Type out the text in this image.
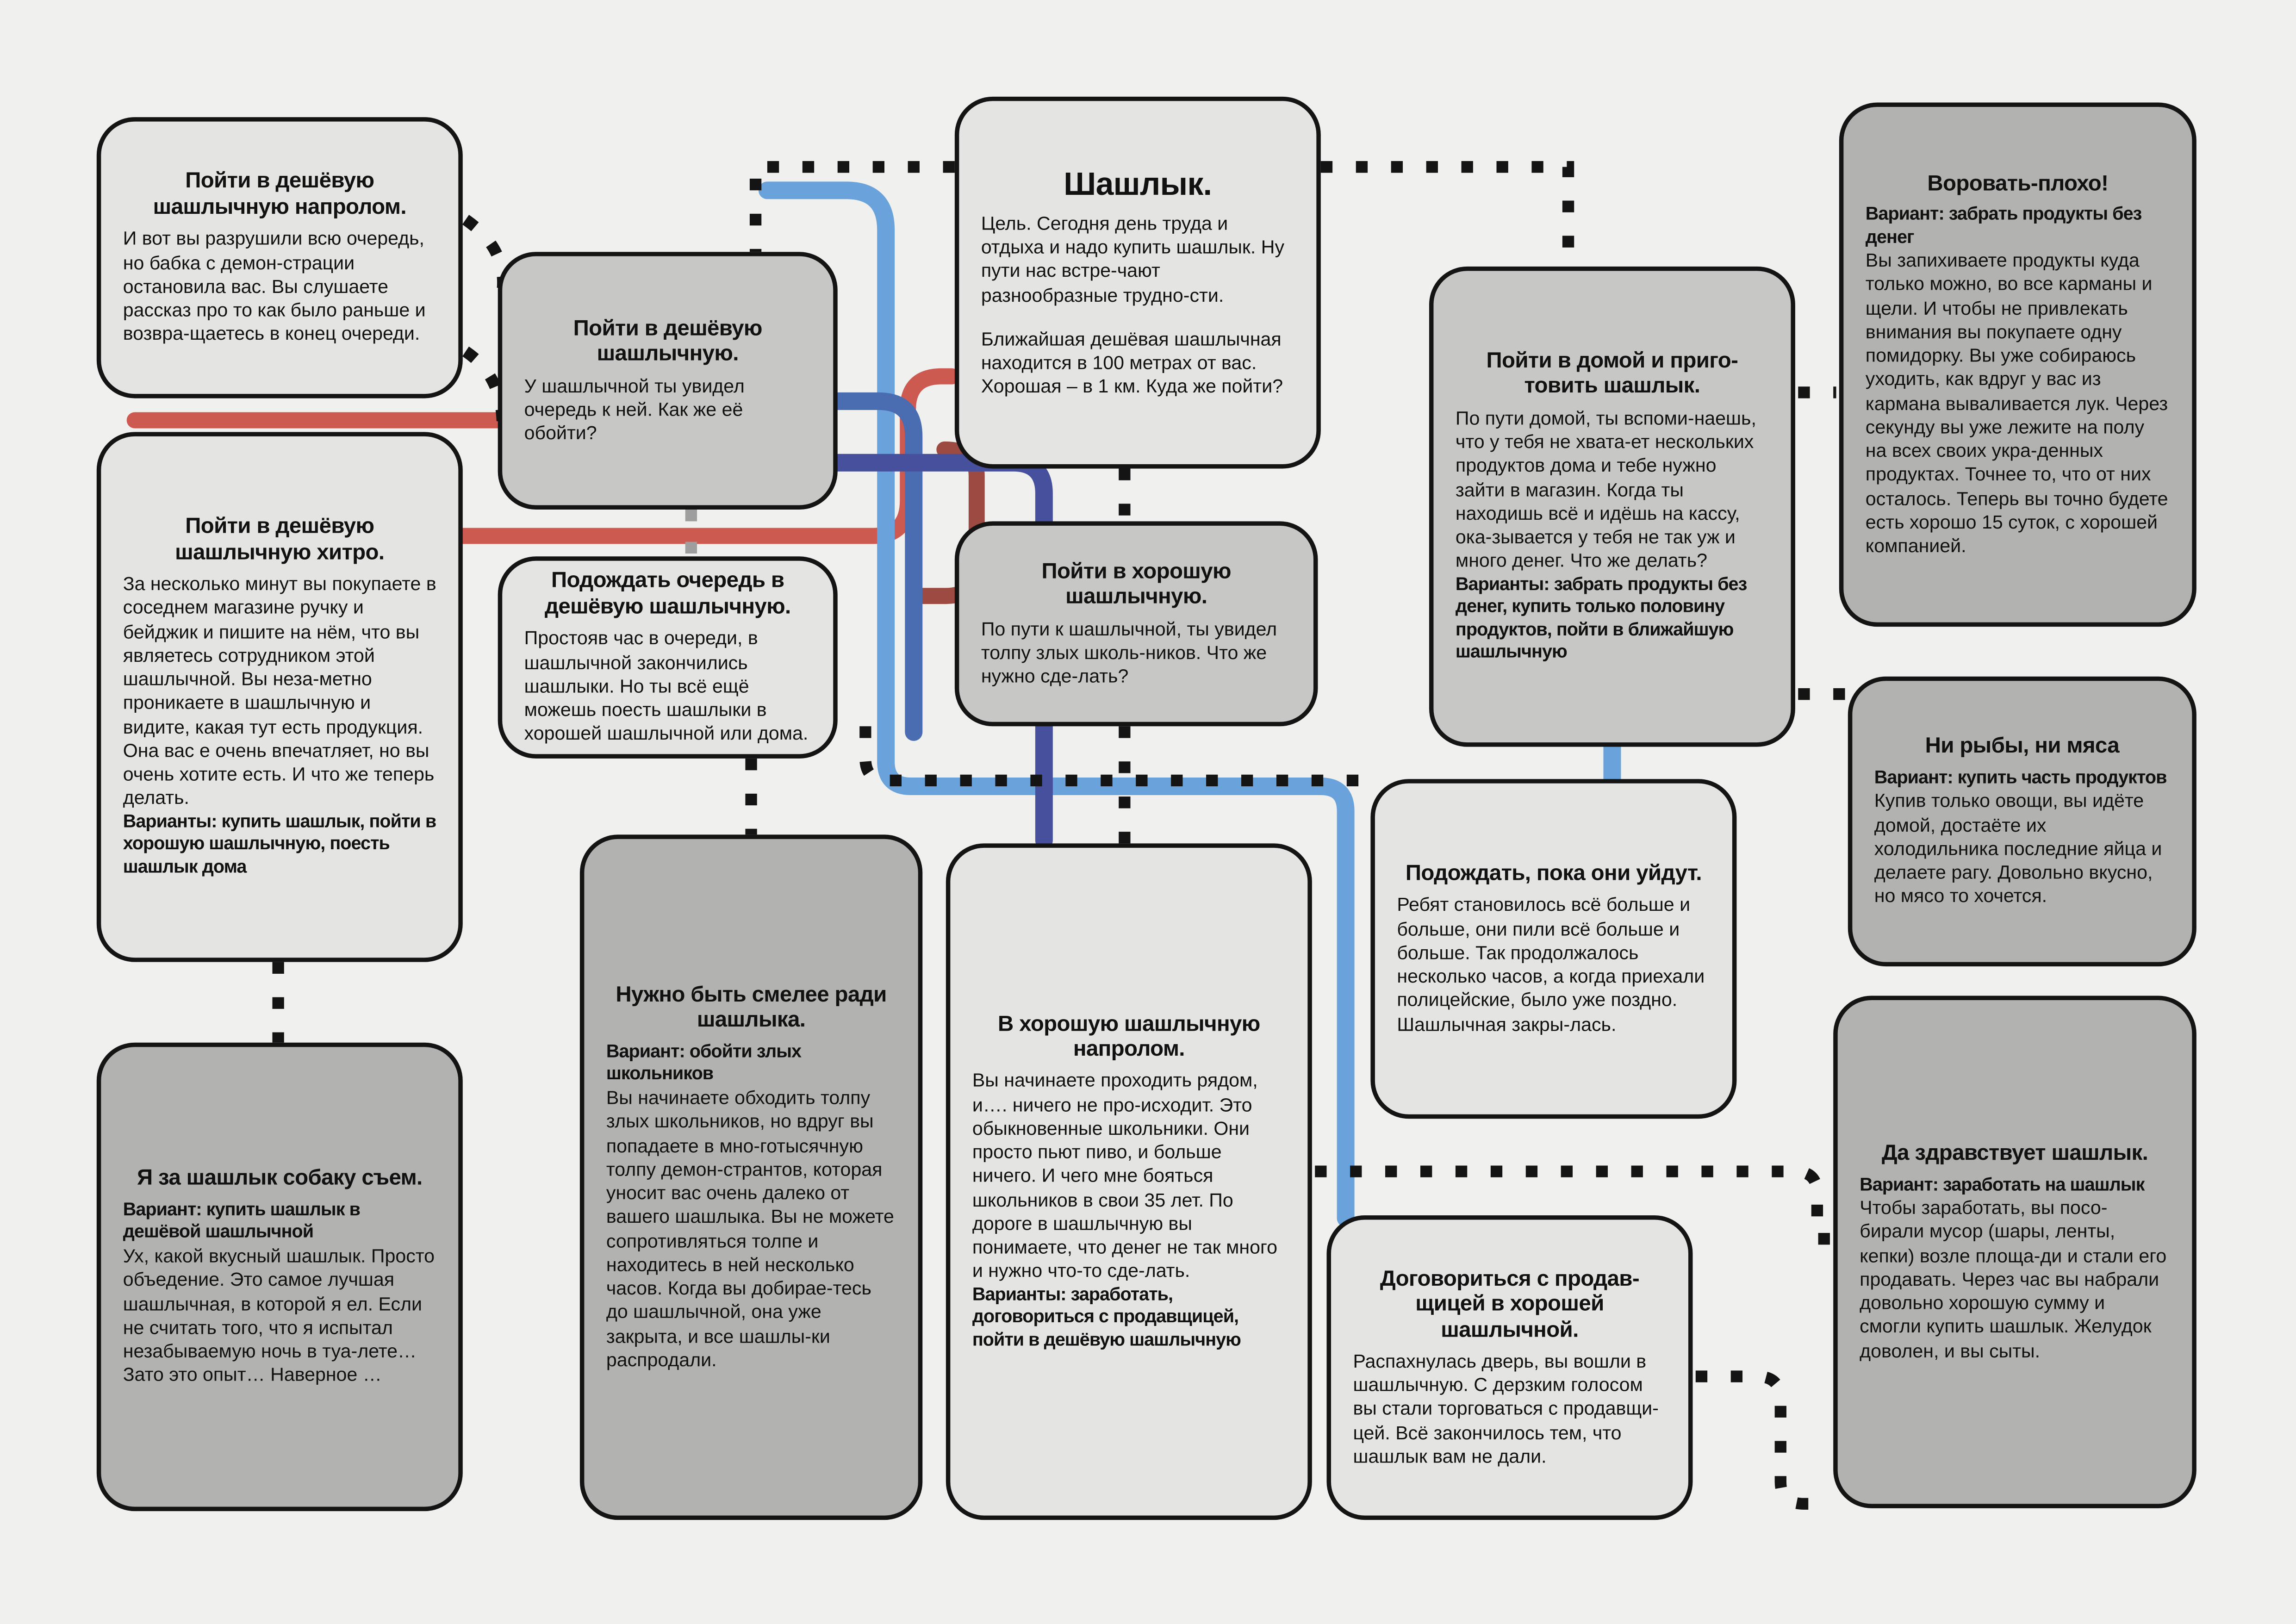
Шашлык.
Цель. Сегодня день труда и отдыха и надо купить шашлык. Ну пути нас встре-чают разнообразные трудно-сти.
Ближайшая дешёвая шашлычная находится в 100 метрах от вас. Хорошая – в 1 км. Куда же пойти?
Пойти в дешёвую шашлычную напролом.
И вот вы разрушили всю очередь, но бабка с демон-страции остановила вас. Вы слушаете рассказ про то как было раньше и возвра-щаетесь в конец очереди.
Пойти в дешёвую шашлычную хитро.
За несколько минут вы покупаете в соседнем магазине ручку и бейджик и пишите на нём, что вы являетесь сотрудником этой шашлычной. Вы неза-метно проникаете в шашлычную и видите, какая тут есть продукция. Она вас е очень впечатляет, но вы очень хотите есть. И что же теперь делать.
Варианты: купить шашлык, пойти в хорошую шашлычную, поесть шашлык дома
Я за шашлык собаку съем.
Вариант: купить шашлык в дешёвой шашлычной
Ух, какой вкусный шашлык. Просто объедение. Это самое лучшая шашлычная, в которой я ел. Если не считать того, что я испытал незабываемую ночь в туа-лете… Зато это опыт… Наверное …
Пойти в дешёвую шашлычную.
У шашлычной ты увидел очередь к ней. Как же её обойти?
Подождать очередь в дешёвую шашлычную.
Простояв час в очереди, в шашлычной закончились шашлыки. Но ты всё ещё можешь поесть шашлыки в хорошей шашлычной или дома.
Нужно быть смелее ради шашлыка.
Вариант: обойти злых школьников
Вы начинаете обходить толпу злых школьников, но вдруг вы попадаете в мно-готысячную толпу демон-странтов, которая уносит вас очень далеко от вашего шашлыка. Вы не можете сопротивляться толпе и находитесь в ней несколько часов. Когда вы добирае-тесь до шашлычной, она уже закрыта, и все шашлы-ки распродали.
Пойти в хорошую шашлычную.
По пути к шашлычной, ты увидел толпу злых школь-ников. Что же нужно сде-лать?
В хорошую шашлычную напролом.
Вы начинаете проходить рядом, и…. ничего не про-исходит. Это обыкновенные школьники. Они просто пьют пиво, и больше ничего. И чего мне бояться школьников в свои 35 лет. По дороге в шашлычную вы понимаете, что денег не так много и нужно что-то сде-лать.
Варианты: заработать, договориться с продавщицей, пойти в дешёвую шашлычную
Пойти в домой и приго-товить шашлык.
По пути домой, ты вспоми-наешь, что у тебя не хвата-ет нескольких продуктов дома и тебе нужно зайти в магазин. Когда ты находишь всё и идёшь на кассу, ока-зывается у тебя не так уж и много денег. Что же делать?
Варианты: забрать продукты без денег, купить только половину продуктов, пойти в ближайшую шашлычную
Подождать, пока они уйдут.
Ребят становилось всё больше и больше, они пили всё больше и больше. Так продолжалось несколько часов, а когда приехали полицейские, было уже поздно. Шашлычная закры-лась.
Договориться с продав-щицей в хорошей шашлычной.
Распахнулась дверь, вы вошли в шашлычную. С дерзким голосом вы стали торговаться с продавщи-цей. Всё закончилось тем, что шашлык вам не дали.
Воровать-плохо!
Вариант: забрать продукты без денег
Вы запихиваете продукты куда только можно, во все карманы и щели. И чтобы не привлекать внимания вы покупаете одну помидорку. Вы уже собираюсь уходить, как вдруг у вас из кармана вываливается лук. Через секунду вы уже лежите на полу на всех своих укра-денных продуктах. Точнее то, что от них осталось. Теперь вы точно будете есть хорошо 15 суток, с хорошей компанией.
Ни рыбы, ни мяса
Вариант: купить часть продуктов
Купив только овощи, вы идёте домой, достаёте их холодильника последние яйца и делаете рагу. Довольно вкусно, но мясо то хочется.
Да здравствует шашлык.
Вариант: заработать на шашлык
Чтобы заработать, вы посо-бирали мусор (шары, ленты, кепки) возле площа-ди и стали его продавать. Через час вы набрали довольно хорошую сумму и смогли купить шашлык. Желудок доволен, и вы сыты.
